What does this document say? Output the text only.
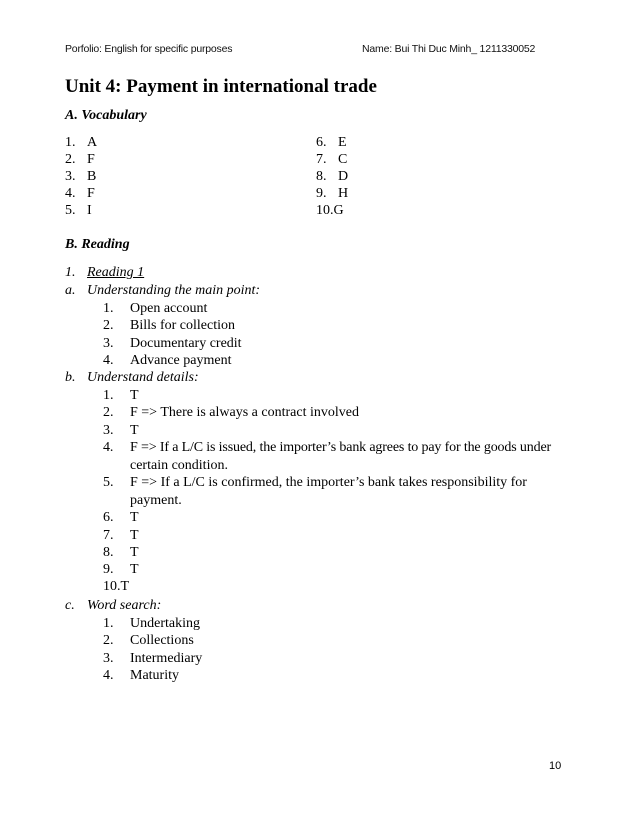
Porfolio: English for specific purposes	Name: Bui Thi Duc Minh_ 1211330052
Unit 4: Payment in international trade
A. Vocabulary
1. A
2. F
3. B
4. F
5. I
6. E
7. C
8. D
9. H
10.G
B. Reading
1. Reading 1
a. Understanding the main point:
1. Open account
2. Bills for collection
3. Documentary credit
4. Advance payment
b. Understand details:
1. T
2. F => There is always a contract involved
3. T
4. F => If a L/C is issued, the importer’s bank agrees to pay for the goods under
certain condition.
5. F => If a L/C is confirmed, the importer’s bank takes responsibility for
payment.
6. T
7. T
8. T
9. T
10.T
c. Word search:
1. Undertaking
2. Collections
3. Intermediary
4. Maturity
10
